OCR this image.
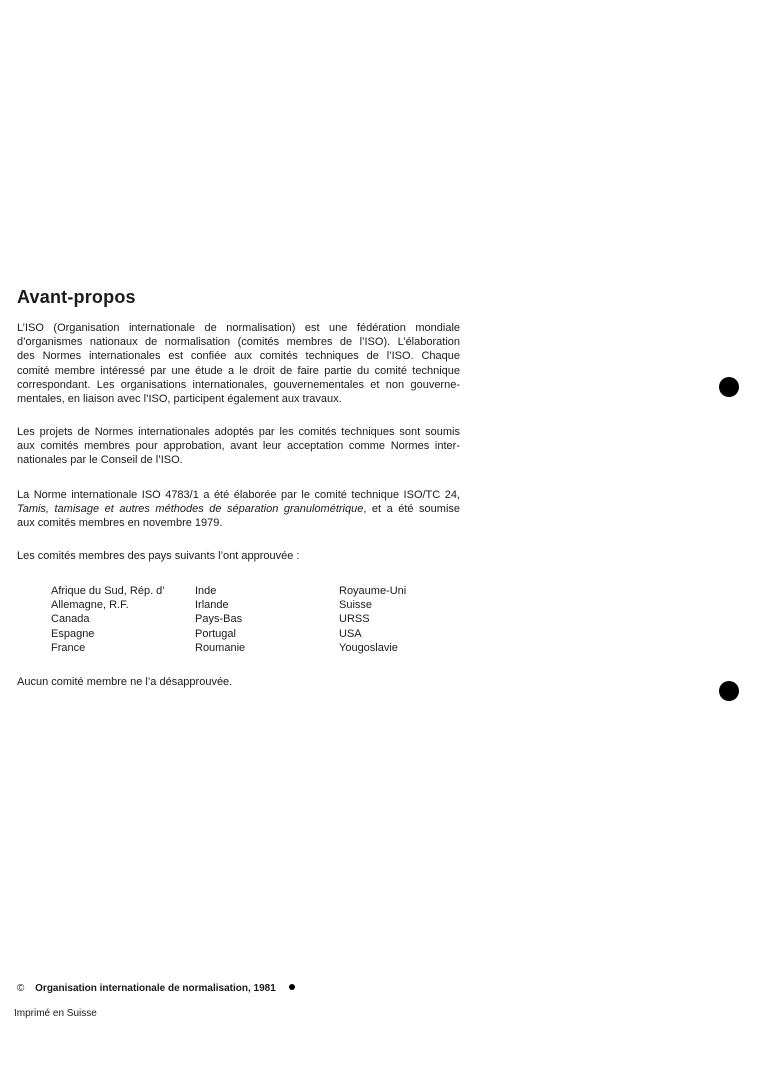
Avant-propos

L’ISO (Organisation internationale de normalisation) est une fédération mondiale
d’organismes nationaux de normalisation (comités membres de l’ISO). L’élaboration
des Normes internationales est confiée aux comités techniques de l’ISO. Chaque
comité membre intéressé par une étude a le droit de faire partie du comité technique
correspondant. Les organisations internationales, gouvernementales et non gouverne-
mentales, en liaison avec l’ISO, participent également aux travaux.

Les projets de Normes internationales adoptés par les comités techniques sont soumis
aux comités membres pour approbation, avant leur acceptation comme Normes inter-
nationales par le Conseil de l’ISO.

La Norme internationale ISO 4783/1 a été élaborée par le comité technique ISO/TC 24,
Tamis, tamisage et autres méthodes de séparation granulométrique, et a été soumise
aux comités membres en novembre 1979.

Les comités membres des pays suivants l’ont approuvée :

Afrique du Sud, Rép. d’
Allemagne, R.F.
Canada
Espagne
France
Inde
Irlande
Pays-Bas
Portugal
Roumanie
Royaume-Uni
Suisse
URSS
USA
Yougoslavie

Aucun comité membre ne l’a désapprouvée.

© Organisation internationale de normalisation, 1981
Imprimé en Suisse
